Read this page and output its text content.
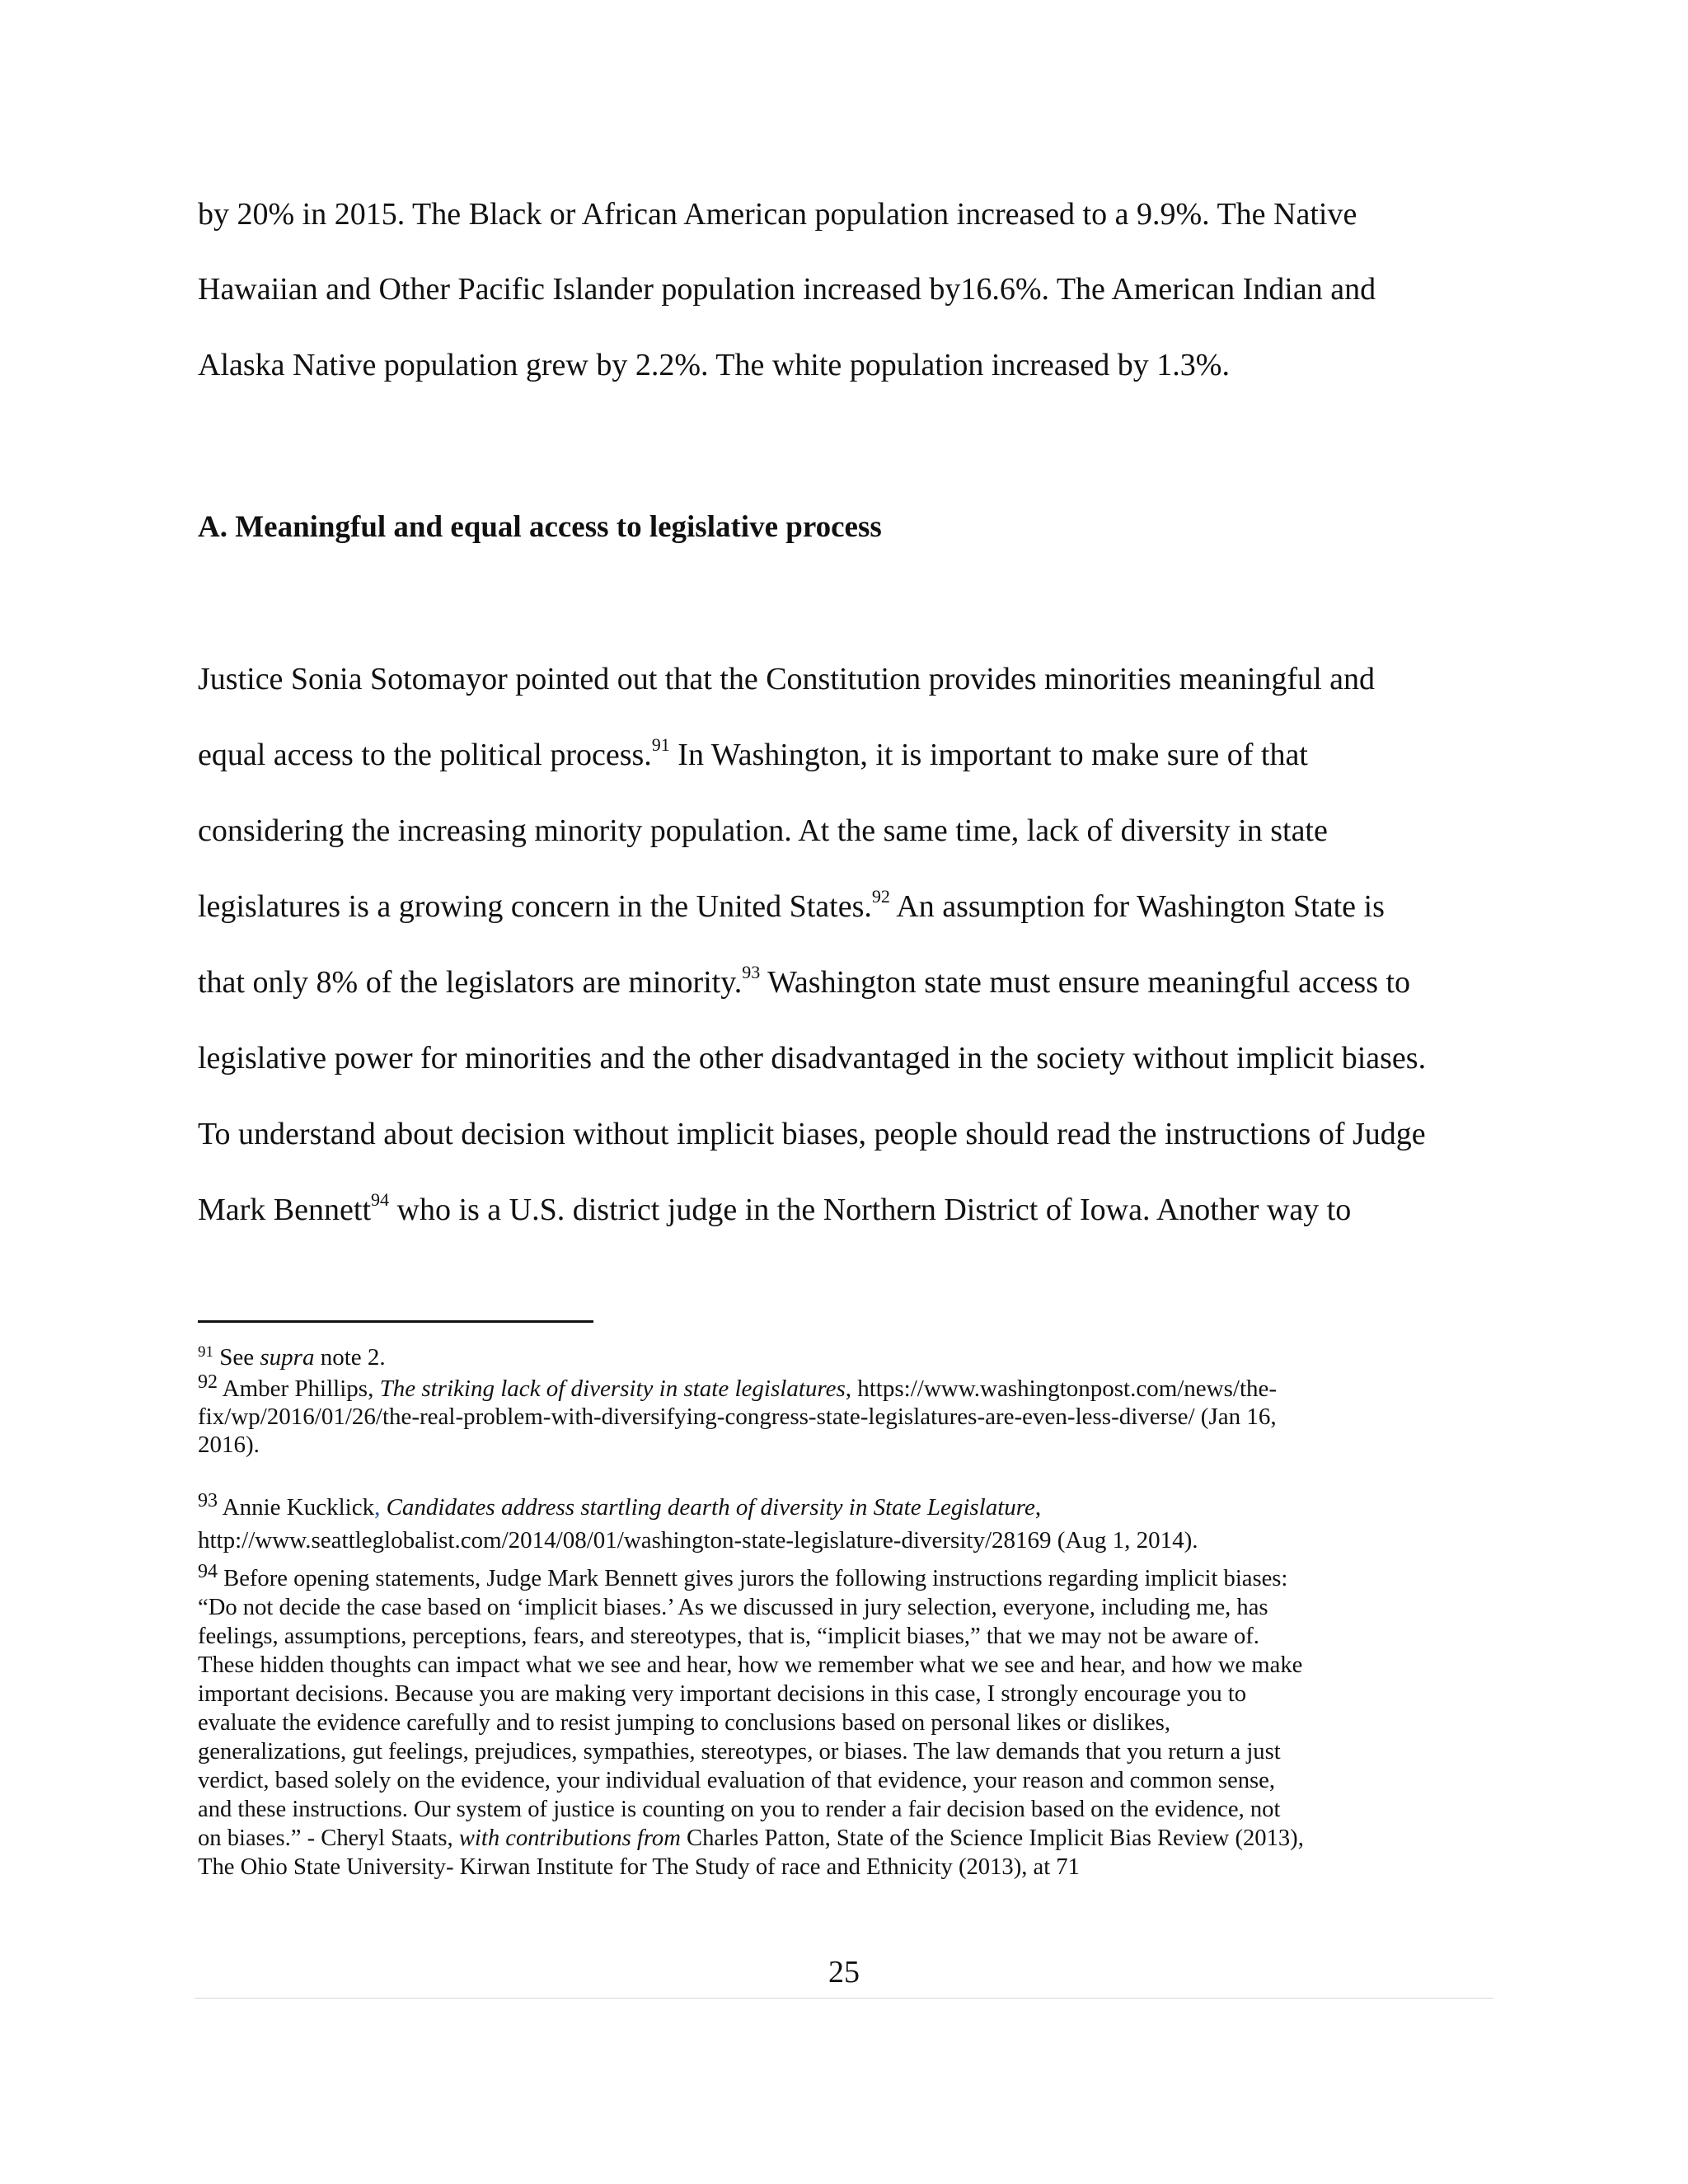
by 20% in 2015. The Black or African American population increased to a 9.9%. The Native
Hawaiian and Other Pacific Islander population increased by16.6%. The American Indian and
Alaska Native population grew by 2.2%. The white population increased by 1.3%.
A. Meaningful and equal access to legislative process
Justice Sonia Sotomayor pointed out that the Constitution provides minorities meaningful and
equal access to the political process.$^{91}$ In Washington, it is important to make sure of that
considering the increasing minority population. At the same time, lack of diversity in state
legislatures is a growing concern in the United States.$^{92}$ An assumption for Washington State is
that only 8% of the legislators are minority.$^{93}$ Washington state must ensure meaningful access to
legislative power for minorities and the other disadvantaged in the society without implicit biases.
To understand about decision without implicit biases, people should read the instructions of Judge
Mark Bennett$^{94}$ who is a U.S. district judge in the Northern District of Iowa. Another way to
$^{91}$ See supra note 2.

$^{92}$ Amber Phillips, The striking lack of diversity in state legislatures, https://www.washingtonpost.com/news/the-

fix/wp/2016/01/26/the-real-problem-with-diversifying-congress-state-legislatures-are-even-less-diverse/ (Jan 16,

2016).

$^{93}$ Annie Kucklick, Candidates address startling dearth of diversity in State Legislature,

http://www.seattleglobalist.com/2014/08/01/washington-state-legislature-diversity/28169 (Aug 1, 2014).

$^{94}$ Before opening statements, Judge Mark Bennett gives jurors the following instructions regarding implicit biases:

“Do not decide the case based on ‘implicit biases.’ As we discussed in jury selection, everyone, including me, has

feelings, assumptions, perceptions, fears, and stereotypes, that is, “implicit biases,” that we may not be aware of.

These hidden thoughts can impact what we see and hear, how we remember what we see and hear, and how we make

important decisions. Because you are making very important decisions in this case, I strongly encourage you to

evaluate the evidence carefully and to resist jumping to conclusions based on personal likes or dislikes,

generalizations, gut feelings, prejudices, sympathies, stereotypes, or biases. The law demands that you return a just

verdict, based solely on the evidence, your individual evaluation of that evidence, your reason and common sense,

and these instructions. Our system of justice is counting on you to render a fair decision based on the evidence, not

on biases.” - Cheryl Staats, with contributions from Charles Patton, State of the Science Implicit Bias Review (2013),

The Ohio State University- Kirwan Institute for The Study of race and Ethnicity (2013), at 71

25
